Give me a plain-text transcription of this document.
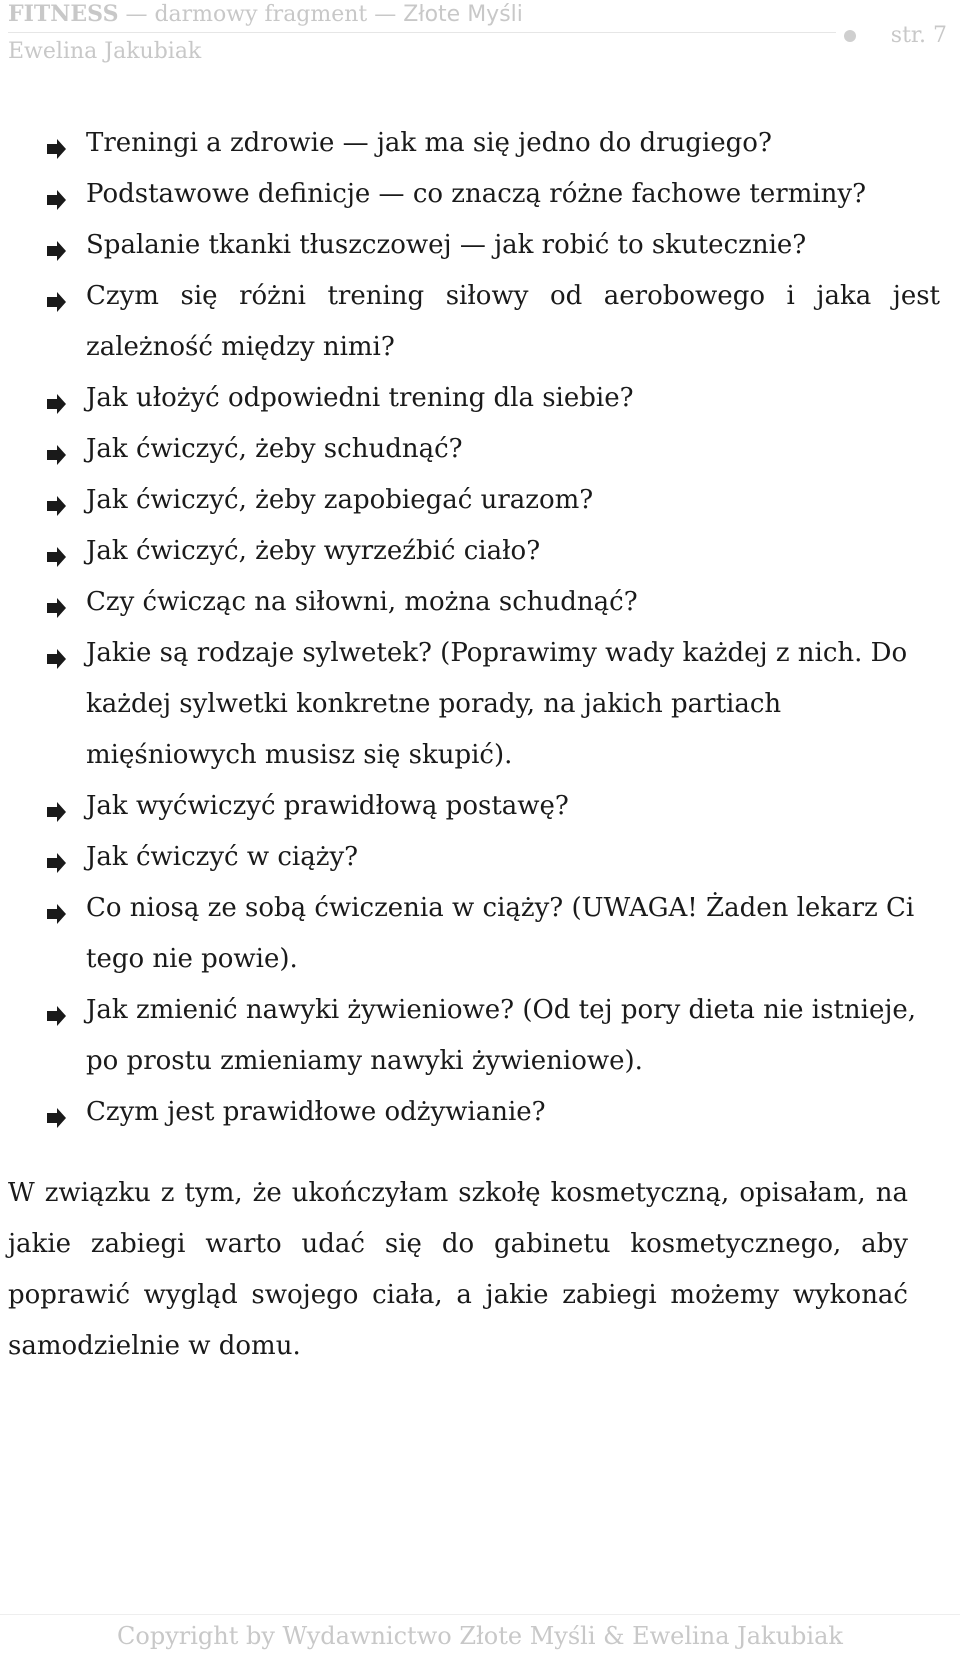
FITNESS — darmowy fragment — Złote Myśli
Ewelina Jakubiak
str. 7
Treningi a zdrowie — jak ma się jedno do drugiego?
Podstawowe definicje — co znaczą różne fachowe terminy?
Spalanie tkanki tłuszczowej — jak robić to skutecznie?
Czym się różni trening siłowy od aerobowego i jaka jest zależność między nimi?
Jak ułożyć odpowiedni trening dla siebie?
Jak ćwiczyć, żeby schudnąć?
Jak ćwiczyć, żeby zapobiegać urazom?
Jak ćwiczyć, żeby wyrzeźbić ciało?
Czy ćwicząc na siłowni, można schudnąć?
Jakie są rodzaje sylwetek? (Poprawimy wady każdej z nich. Do każdej sylwetki konkretne porady, na jakich partiach mięśniowych musisz się skupić).
Jak wyćwiczyć prawidłową postawę?
Jak ćwiczyć w ciąży?
Co niosą ze sobą ćwiczenia w ciąży? (UWAGA! Żaden lekarz Ci tego nie powie).
Jak zmienić nawyki żywieniowe? (Od tej pory dieta nie istnieje, po prostu zmieniamy nawyki żywieniowe).
Czym jest prawidłowe odżywianie?

W związku z tym, że ukończyłam szkołę kosmetyczną, opisałam, na jakie zabiegi warto udać się do gabinetu kosmetycznego, aby poprawić wygląd swojego ciała, a jakie zabiegi możemy wykonać samodzielnie w domu.

Copyright by Wydawnictwo Złote Myśli & Ewelina Jakubiak
